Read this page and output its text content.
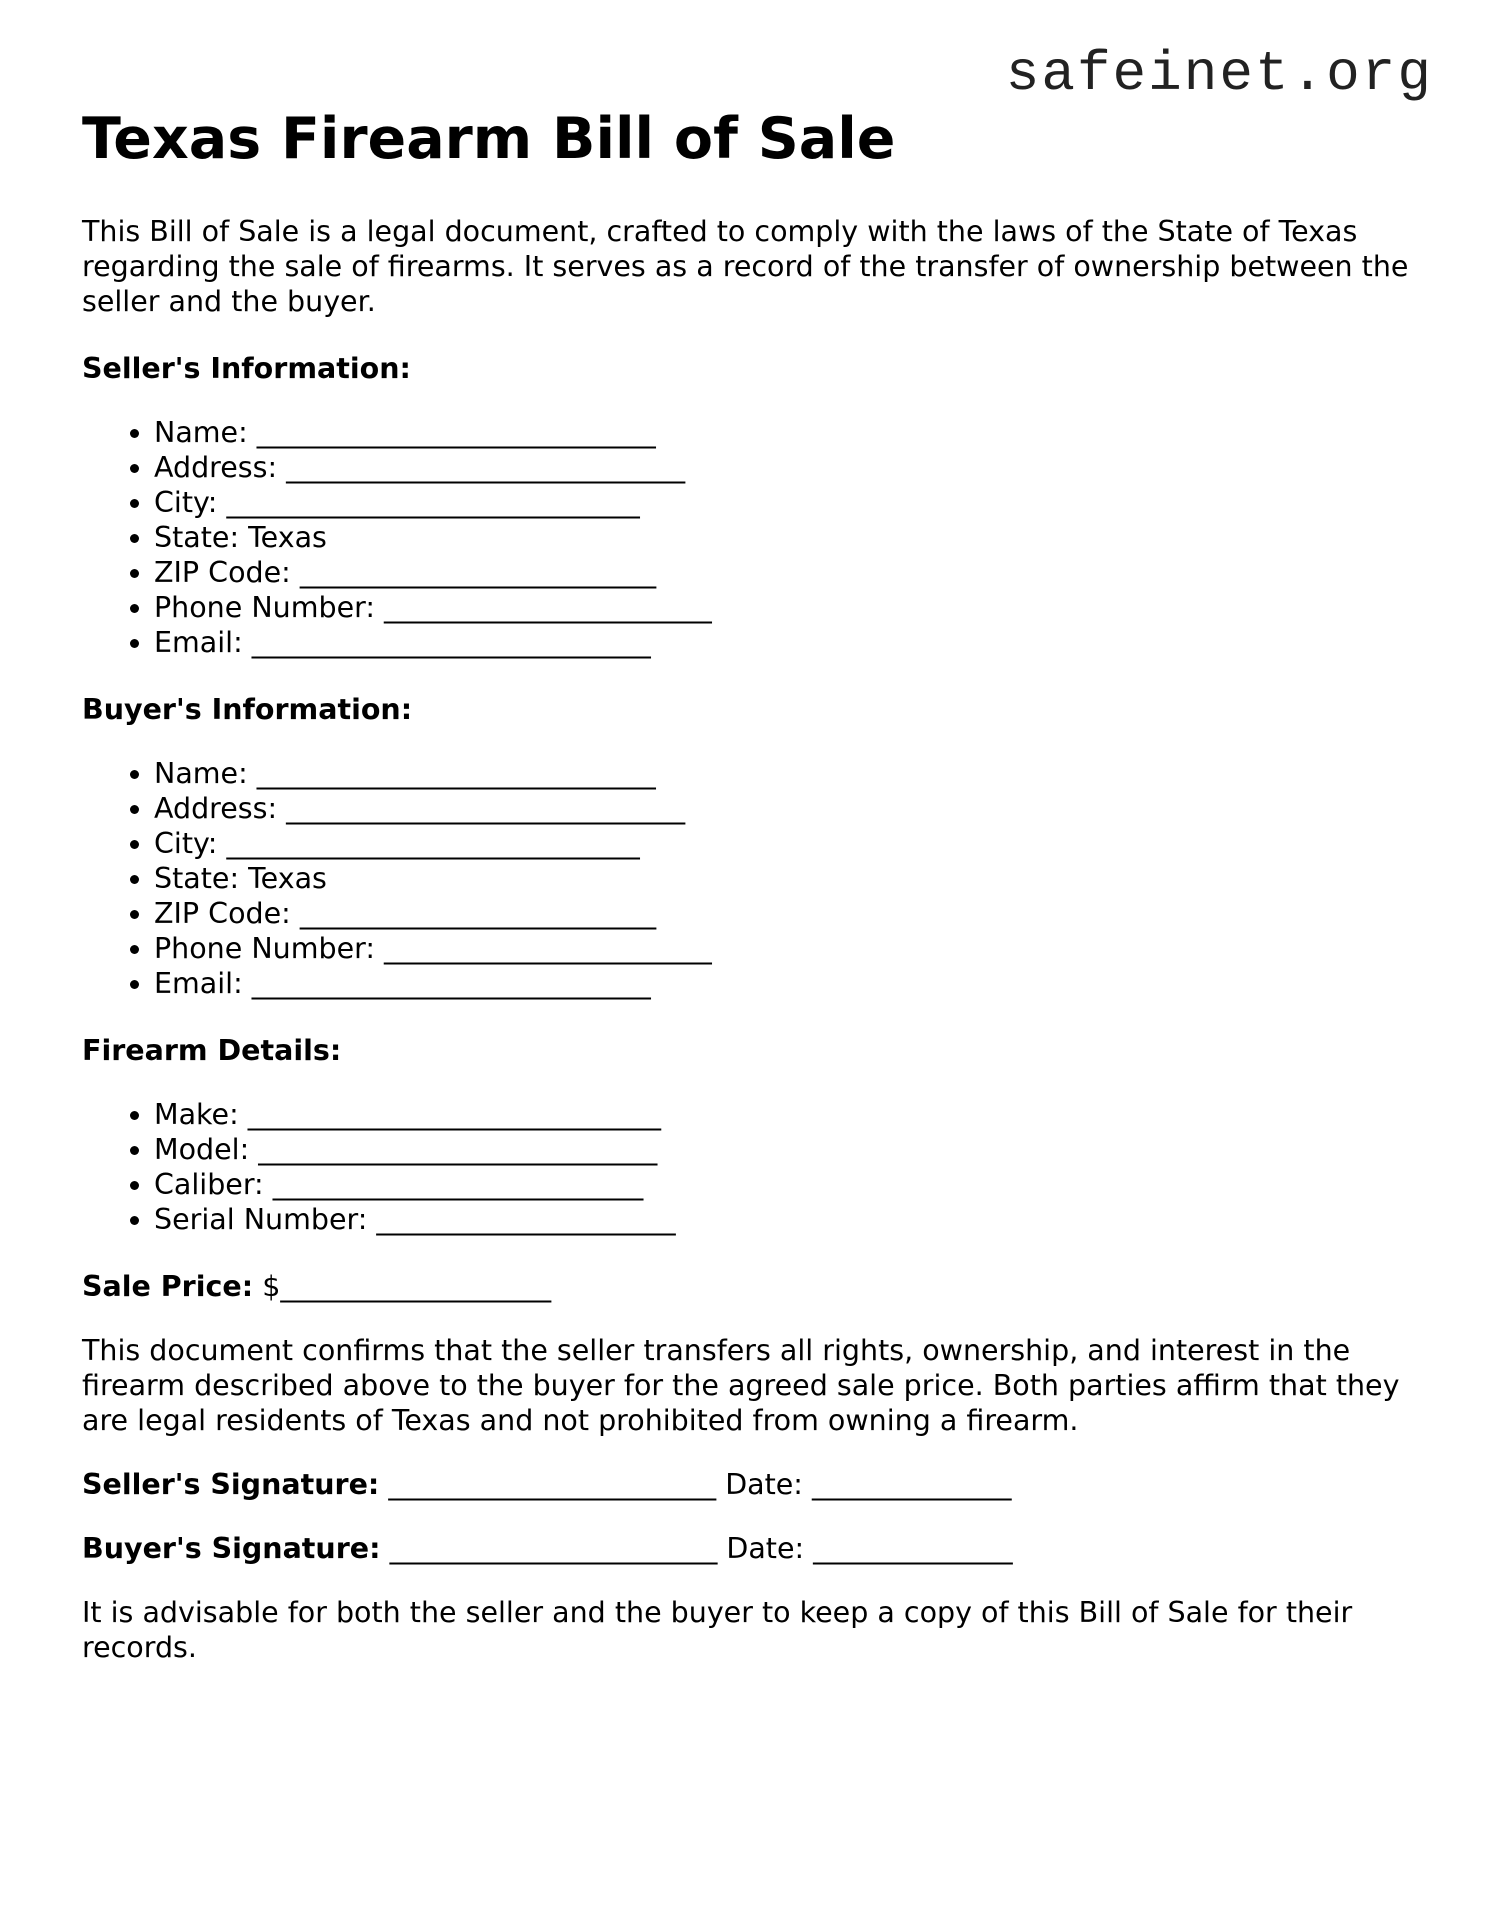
safeinet.org
Texas Firearm Bill of Sale

This Bill of Sale is a legal document, crafted to comply with the laws of the State of Texas regarding the sale of firearms. It serves as a record of the transfer of ownership between the seller and the buyer.

Seller's Information:
• Name: ____________________________
• Address: ____________________________
• City: _____________________________
• State: Texas
• ZIP Code: _________________________
• Phone Number: _______________________
• Email: ____________________________
Buyer's Information:
• Name: ____________________________
• Address: ____________________________
• City: _____________________________
• State: Texas
• ZIP Code: _________________________
• Phone Number: _______________________
• Email: ____________________________
Firearm Details:
• Make: _____________________________
• Model: ____________________________
• Caliber: __________________________
• Serial Number: _____________________

Sale Price: $___________________

This document confirms that the seller transfers all rights, ownership, and interest in the firearm described above to the buyer for the agreed sale price. Both parties affirm that they are legal residents of Texas and not prohibited from owning a firearm.

Seller's Signature: _______________________ Date: ______________

Buyer's Signature: _______________________ Date: ______________

It is advisable for both the seller and the buyer to keep a copy of this Bill of Sale for their records.
